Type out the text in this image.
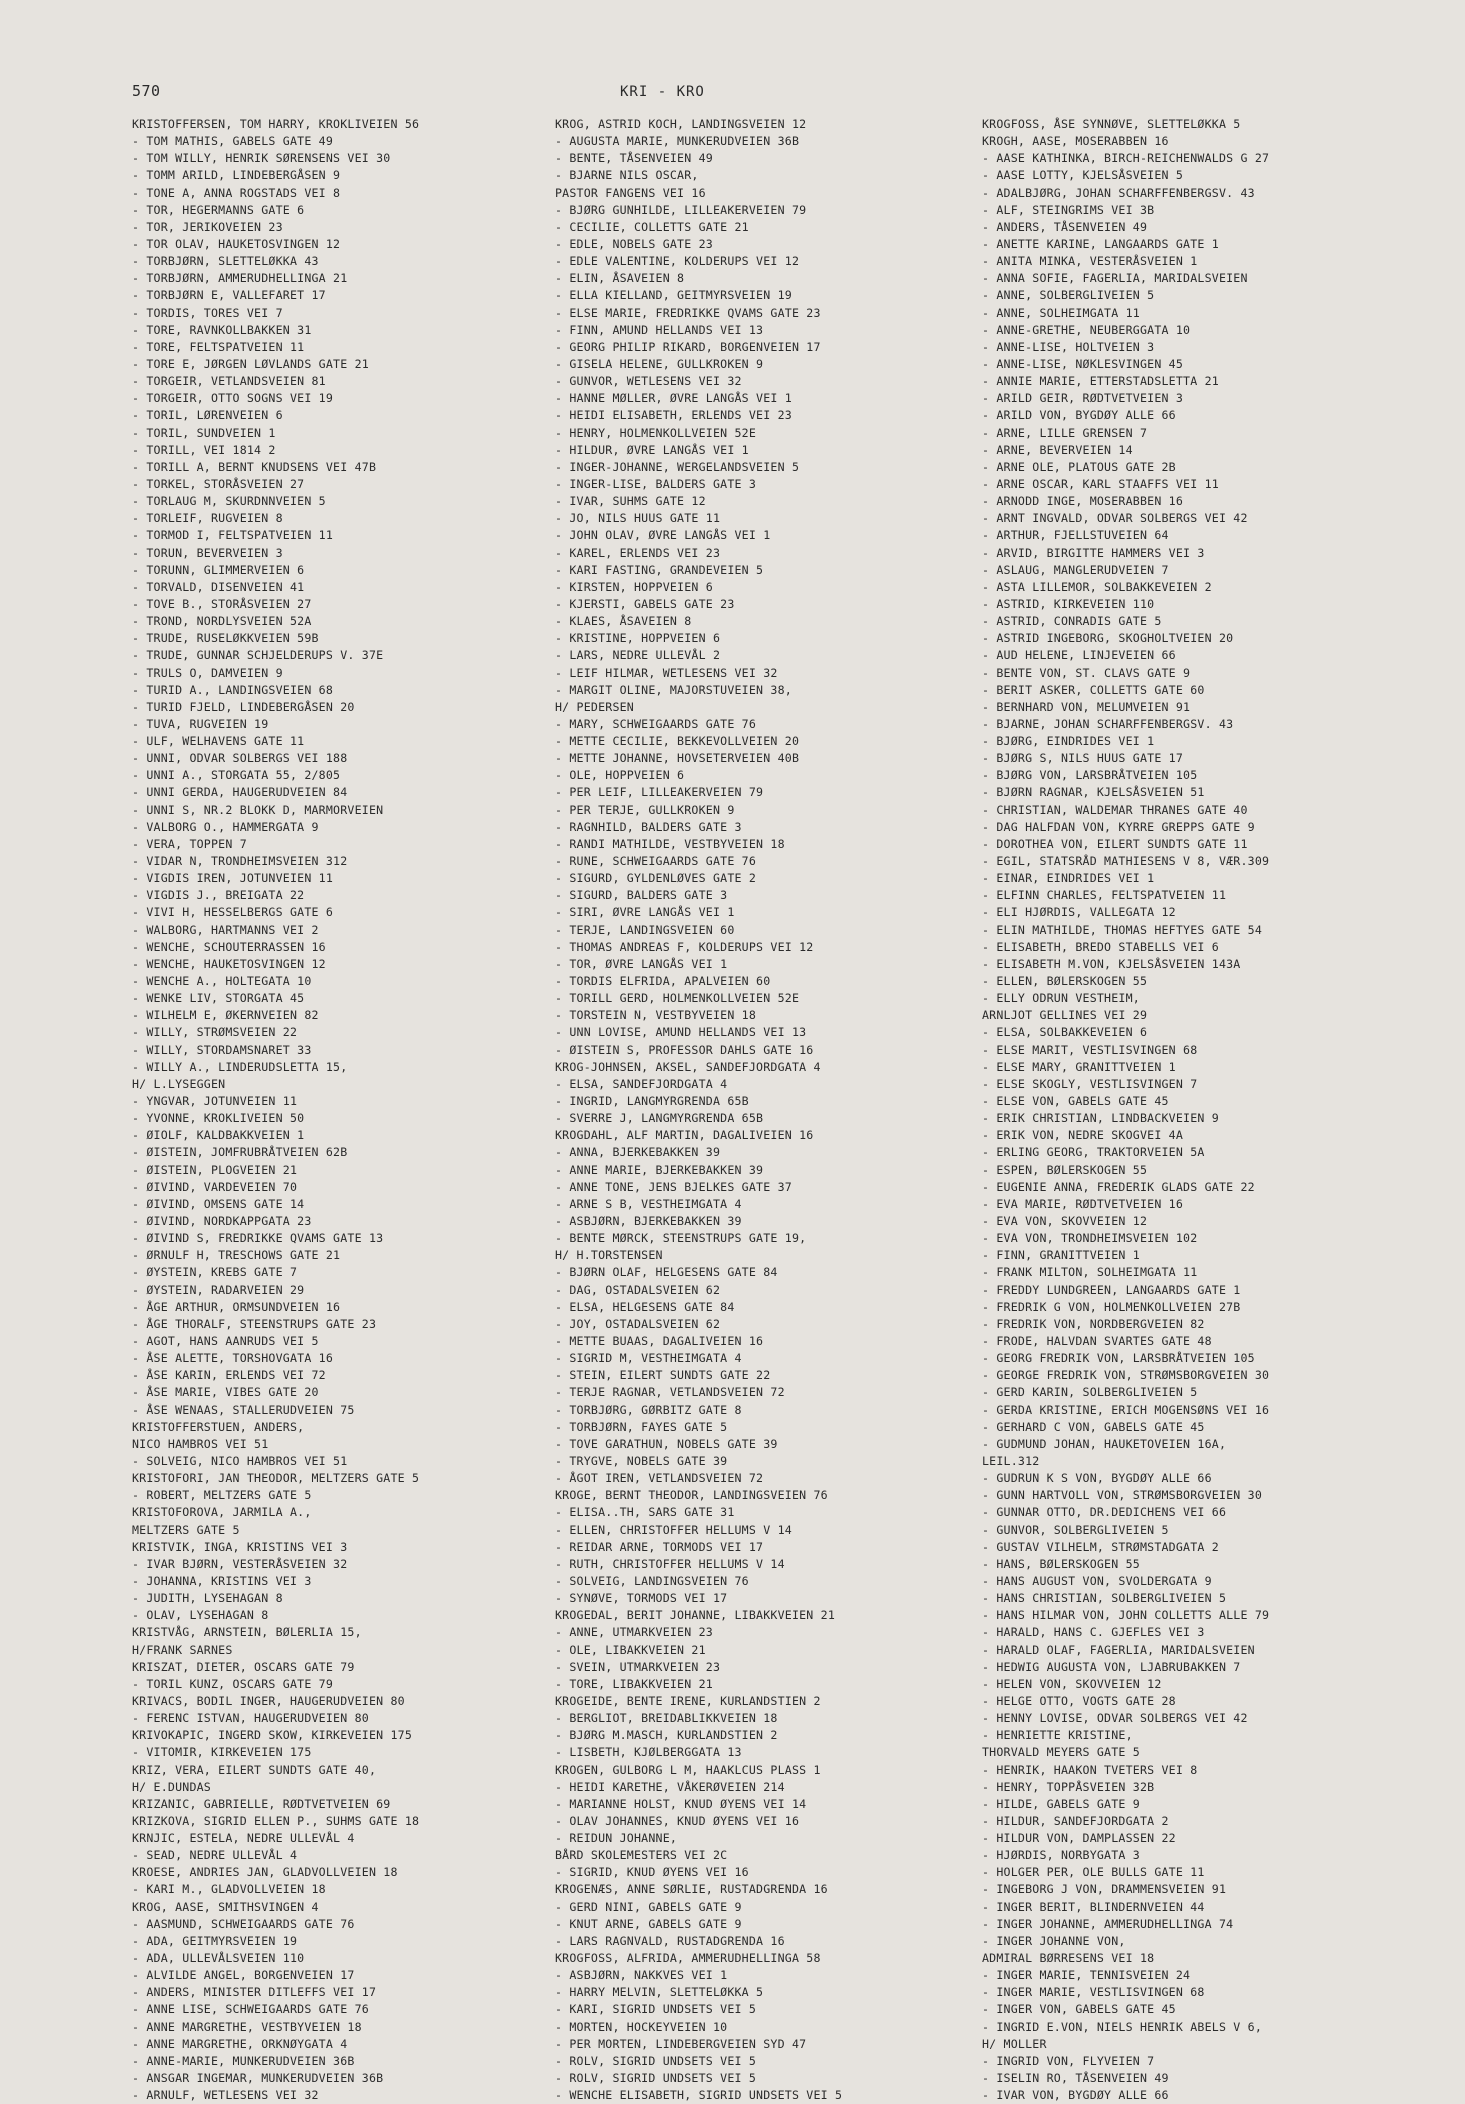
570	KRI - KRO
KRISTOFFERSEN, TOM HARRY, KROKLIVEIEN 56
- TOM MATHIS, GABELS GATE 49
- TOM WILLY, HENRIK SØRENSENS VEI 30
- TOMM ARILD, LINDEBERGÅSEN 9
- TONE A, ANNA ROGSTADS VEI 8
- TOR, HEGERMANNS GATE 6
- TOR, JERIKOVEIEN 23
- TOR OLAV, HAUKETOSVINGEN 12
- TORBJØRN, SLETTELØKKA 43
- TORBJØRN, AMMERUDHELLINGA 21
- TORBJØRN E, VALLEFARET 17
- TORDIS, TORES VEI 7
- TORE, RAVNKOLLBAKKEN 31
- TORE, FELTSPATVEIEN 11
- TORE E, JØRGEN LØVLANDS GATE 21
- TORGEIR, VETLANDSVEIEN 81
- TORGEIR, OTTO SOGNS VEI 19
- TORIL, LØRENVEIEN 6
- TORIL, SUNDVEIEN 1
- TORILL, VEI 1814 2
- TORILL A, BERNT KNUDSENS VEI 47B
- TORKEL, STORÅSVEIEN 27
- TORLAUG M, SKURDNNVEIEN 5
- TORLEIF, RUGVEIEN 8
- TORMOD I, FELTSPATVEIEN 11
- TORUN, BEVERVEIEN 3
- TORUNN, GLIMMERVEIEN 6
- TORVALD, DISENVEIEN 41
- TOVE B., STORÅSVEIEN 27
- TROND, NORDLYSVEIEN 52A
- TRUDE, RUSELØKKVEIEN 59B
- TRUDE, GUNNAR SCHJELDERUPS V. 37E
- TRULS O, DAMVEIEN 9
- TURID A., LANDINGSVEIEN 68
- TURID FJELD, LINDEBERGÅSEN 20
- TUVA, RUGVEIEN 19
- ULF, WELHAVENS GATE 11
- UNNI, ODVAR SOLBERGS VEI 188
- UNNI A., STORGATA 55, 2/805
- UNNI GERDA, HAUGERUDVEIEN 84
- UNNI S, NR.2 BLOKK D, MARMORVEIEN
- VALBORG O., HAMMERGATA 9
- VERA, TOPPEN 7
- VIDAR N, TRONDHEIMSVEIEN 312
- VIGDIS IREN, JOTUNVEIEN 11
- VIGDIS J., BREIGATA 22
- VIVI H, HESSELBERGS GATE 6
- WALBORG, HARTMANNS VEI 2
- WENCHE, SCHOUTERRASSEN 16
- WENCHE, HAUKETOSVINGEN 12
- WENCHE A., HOLTEGATA 10
- WENKE LIV, STORGATA 45
- WILHELM E, ØKERNVEIEN 82
- WILLY, STRØMSVEIEN 22
- WILLY, STORDAMSNARET 33
- WILLY A., LINDERUDSLETTA 15,
H/ L.LYSEGGEN
- YNGVAR, JOTUNVEIEN 11
- YVONNE, KROKLIVEIEN 50
- ØIOLF, KALDBAKKVEIEN 1
- ØISTEIN, JOMFRUBRÅTVEIEN 62B
- ØISTEIN, PLOGVEIEN 21
- ØIVIND, VARDEVEIEN 70
- ØIVIND, OMSENS GATE 14
- ØIVIND, NORDKAPPGATA 23
- ØIVIND S, FREDRIKKE QVAMS GATE 13
- ØRNULF H, TRESCHOWS GATE 21
- ØYSTEIN, KREBS GATE 7
- ØYSTEIN, RADARVEIEN 29
- ÅGE ARTHUR, ORMSUNDVEIEN 16
- ÅGE THORALF, STEENSTRUPS GATE 23
- AGOT, HANS AANRUDS VEI 5
- ÅSE ALETTE, TORSHOVGATA 16
- ÅSE KARIN, ERLENDS VEI 72
- ÅSE MARIE, VIBES GATE 20
- ÅSE WENAAS, STALLERUDVEIEN 75
KRISTOFFERSTUEN, ANDERS,
NICO HAMBROS VEI 51
- SOLVEIG, NICO HAMBROS VEI 51
KRISTOFORI, JAN THEODOR, MELTZERS GATE 5
- ROBERT, MELTZERS GATE 5
KRISTOFOROVA, JARMILA A.,
MELTZERS GATE 5
KRISTVIK, INGA, KRISTINS VEI 3
- IVAR BJØRN, VESTERÅSVEIEN 32
- JOHANNA, KRISTINS VEI 3
- JUDITH, LYSEHAGAN 8
- OLAV, LYSEHAGAN 8
KRISTVÅG, ARNSTEIN, BØLERLIA 15,
H/FRANK SARNES
KRISZAT, DIETER, OSCARS GATE 79
- TORIL KUNZ, OSCARS GATE 79
KRIVACS, BODIL INGER, HAUGERUDVEIEN 80
- FERENC ISTVAN, HAUGERUDVEIEN 80
KRIVOKAPIC, INGERD SKOW, KIRKEVEIEN 175
- VITOMIR, KIRKEVEIEN 175
KRIZ, VERA, EILERT SUNDTS GATE 40,
H/ E.DUNDAS
KRIZANIC, GABRIELLE, RØDTVETVEIEN 69
KRIZKOVA, SIGRID ELLEN P., SUHMS GATE 18
KRNJIC, ESTELA, NEDRE ULLEVÅL 4
- SEAD, NEDRE ULLEVÅL 4
KROESE, ANDRIES JAN, GLADVOLLVEIEN 18
- KARI M., GLADVOLLVEIEN 18
KROG, AASE, SMITHSVINGEN 4
- AASMUND, SCHWEIGAARDS GATE 76
- ADA, GEITMYRSVEIEN 19
- ADA, ULLEVÅLSVEIEN 110
- ALVILDE ANGEL, BORGENVEIEN 17
- ANDERS, MINISTER DITLEFFS VEI 17
- ANNE LISE, SCHWEIGAARDS GATE 76
- ANNE MARGRETHE, VESTBYVEIEN 18
- ANNE MARGRETHE, ORKNØYGATA 4
- ANNE-MARIE, MUNKERUDVEIEN 36B
- ANSGAR INGEMAR, MUNKERUDVEIEN 36B
- ARNULF, WETLESENS VEI 32
KROG, ASTRID KOCH, LANDINGSVEIEN 12
- AUGUSTA MARIE, MUNKERUDVEIEN 36B
- BENTE, TÅSENVEIEN 49
- BJARNE NILS OSCAR,
PASTOR FANGENS VEI 16
- BJØRG GUNHILDE, LILLEAKERVEIEN 79
- CECILIE, COLLETTS GATE 21
- EDLE, NOBELS GATE 23
- EDLE VALENTINE, KOLDERUPS VEI 12
- ELIN, ÅSAVEIEN 8
- ELLA KIELLAND, GEITMYRSVEIEN 19
- ELSE MARIE, FREDRIKKE QVAMS GATE 23
- FINN, AMUND HELLANDS VEI 13
- GEORG PHILIP RIKARD, BORGENVEIEN 17
- GISELA HELENE, GULLKROKEN 9
- GUNVOR, WETLESENS VEI 32
- HANNE MØLLER, ØVRE LANGÅS VEI 1
- HEIDI ELISABETH, ERLENDS VEI 23
- HENRY, HOLMENKOLLVEIEN 52E
- HILDUR, ØVRE LANGÅS VEI 1
- INGER-JOHANNE, WERGELANDSVEIEN 5
- INGER-LISE, BALDERS GATE 3
- IVAR, SUHMS GATE 12
- JO, NILS HUUS GATE 11
- JOHN OLAV, ØVRE LANGÅS VEI 1
- KAREL, ERLENDS VEI 23
- KARI FASTING, GRANDEVEIEN 5
- KIRSTEN, HOPPVEIEN 6
- KJERSTI, GABELS GATE 23
- KLAES, ÅSAVEIEN 8
- KRISTINE, HOPPVEIEN 6
- LARS, NEDRE ULLEVÅL 2
- LEIF HILMAR, WETLESENS VEI 32
- MARGIT OLINE, MAJORSTUVEIEN 38,
H/ PEDERSEN
- MARY, SCHWEIGAARDS GATE 76
- METTE CECILIE, BEKKEVOLLVEIEN 20
- METTE JOHANNE, HOVSETERVEIEN 40B
- OLE, HOPPVEIEN 6
- PER LEIF, LILLEAKERVEIEN 79
- PER TERJE, GULLKROKEN 9
- RAGNHILD, BALDERS GATE 3
- RANDI MATHILDE, VESTBYVEIEN 18
- RUNE, SCHWEIGAARDS GATE 76
- SIGURD, GYLDENLØVES GATE 2
- SIGURD, BALDERS GATE 3
- SIRI, ØVRE LANGÅS VEI 1
- TERJE, LANDINGSVEIEN 60
- THOMAS ANDREAS F, KOLDERUPS VEI 12
- TOR, ØVRE LANGÅS VEI 1
- TORDIS ELFRIDA, APALVEIEN 60
- TORILL GERD, HOLMENKOLLVEIEN 52E
- TORSTEIN N, VESTBYVEIEN 18
- UNN LOVISE, AMUND HELLANDS VEI 13
- ØISTEIN S, PROFESSOR DAHLS GATE 16
KROG-JOHNSEN, AKSEL, SANDEFJORDGATA 4
- ELSA, SANDEFJORDGATA 4
- INGRID, LANGMYRGRENDA 65B
- SVERRE J, LANGMYRGRENDA 65B
KROGDAHL, ALF MARTIN, DAGALIVEIEN 16
- ANNA, BJERKEBAKKEN 39
- ANNE MARIE, BJERKEBAKKEN 39
- ANNE TONE, JENS BJELKES GATE 37
- ARNE S B, VESTHEIMGATA 4
- ASBJØRN, BJERKEBAKKEN 39
- BENTE MØRCK, STEENSTRUPS GATE 19,
H/ H.TORSTENSEN
- BJØRN OLAF, HELGESENS GATE 84
- DAG, OSTADALSVEIEN 62
- ELSA, HELGESENS GATE 84
- JOY, OSTADALSVEIEN 62
- METTE BUAAS, DAGALIVEIEN 16
- SIGRID M, VESTHEIMGATA 4
- STEIN, EILERT SUNDTS GATE 22
- TERJE RAGNAR, VETLANDSVEIEN 72
- TORBJØRG, GØRBITZ GATE 8
- TORBJØRN, FAYES GATE 5
- TOVE GARATHUN, NOBELS GATE 39
- TRYGVE, NOBELS GATE 39
- ÅGOT IREN, VETLANDSVEIEN 72
KROGE, BERNT THEODOR, LANDINGSVEIEN 76
- ELISA..TH, SARS GATE 31
- ELLEN, CHRISTOFFER HELLUMS V 14
- REIDAR ARNE, TORMODS VEI 17
- RUTH, CHRISTOFFER HELLUMS V 14
- SOLVEIG, LANDINGSVEIEN 76
- SYNØVE, TORMODS VEI 17
KROGEDAL, BERIT JOHANNE, LIBAKKVEIEN 21
- ANNE, UTMARKVEIEN 23
- OLE, LIBAKKVEIEN 21
- SVEIN, UTMARKVEIEN 23
- TORE, LIBAKKVEIEN 21
KROGEIDE, BENTE IRENE, KURLANDSTIEN 2
- BERGLIOT, BREIDABLIKKVEIEN 18
- BJØRG M.MASCH, KURLANDSTIEN 2
- LISBETH, KJØLBERGGATA 13
KROGEN, GULBORG L M, HAAKLCUS PLASS 1
- HEIDI KARETHE, VÅKERØVEIEN 214
- MARIANNE HOLST, KNUD ØYENS VEI 14
- OLAV JOHANNES, KNUD ØYENS VEI 16
- REIDUN JOHANNE,
BÅRD SKOLEMESTERS VEI 2C
- SIGRID, KNUD ØYENS VEI 16
KROGENÆS, ANNE SØRLIE, RUSTADGRENDA 16
- GERD NINI, GABELS GATE 9
- KNUT ARNE, GABELS GATE 9
- LARS RAGNVALD, RUSTADGRENDA 16
KROGFOSS, ALFRIDA, AMMERUDHELLINGA 58
- ASBJØRN, NAKKVES VEI 1
- HARRY MELVIN, SLETTELØKKA 5
- KARI, SIGRID UNDSETS VEI 5
- MORTEN, HOCKEYVEIEN 10
- PER MORTEN, LINDEBERGVEIEN SYD 47
- ROLV, SIGRID UNDSETS VEI 5
- ROLV, SIGRID UNDSETS VEI 5
- WENCHE ELISABETH, SIGRID UNDSETS VEI 5
KROGFOSS, ÅSE SYNNØVE, SLETTELØKKA 5
KROGH, AASE, MOSERABBEN 16
- AASE KATHINKA, BIRCH-REICHENWALDS G 27
- AASE LOTTY, KJELSÅSVEIEN 5
- ADALBJØRG, JOHAN SCHARFFENBERGSV. 43
- ALF, STEINGRIMS VEI 3B
- ANDERS, TÅSENVEIEN 49
- ANETTE KARINE, LANGAARDS GATE 1
- ANITA MINKA, VESTERÅSVEIEN 1
- ANNA SOFIE, FAGERLIA, MARIDALSVEIEN
- ANNE, SOLBERGLIVEIEN 5
- ANNE, SOLHEIMGATA 11
- ANNE-GRETHE, NEUBERGGATA 10
- ANNE-LISE, HOLTVEIEN 3
- ANNE-LISE, NØKLESVINGEN 45
- ANNIE MARIE, ETTERSTADSLETTA 21
- ARILD GEIR, RØDTVETVEIEN 3
- ARILD VON, BYGDØY ALLE 66
- ARNE, LILLE GRENSEN 7
- ARNE, BEVERVEIEN 14
- ARNE OLE, PLATOUS GATE 2B
- ARNE OSCAR, KARL STAAFFS VEI 11
- ARNODD INGE, MOSERABBEN 16
- ARNT INGVALD, ODVAR SOLBERGS VEI 42
- ARTHUR, FJELLSTUVEIEN 64
- ARVID, BIRGITTE HAMMERS VEI 3
- ASLAUG, MANGLERUDVEIEN 7
- ASTA LILLEMOR, SOLBAKKEVEIEN 2
- ASTRID, KIRKEVEIEN 110
- ASTRID, CONRADIS GATE 5
- ASTRID INGEBORG, SKOGHOLTVEIEN 20
- AUD HELENE, LINJEVEIEN 66
- BENTE VON, ST. CLAVS GATE 9
- BERIT ASKER, COLLETTS GATE 60
- BERNHARD VON, MELUMVEIEN 91
- BJARNE, JOHAN SCHARFFENBERGSV. 43
- BJØRG, EINDRIDES VEI 1
- BJØRG S, NILS HUUS GATE 17
- BJØRG VON, LARSBRÅTVEIEN 105
- BJØRN RAGNAR, KJELSÅSVEIEN 51
- CHRISTIAN, WALDEMAR THRANES GATE 40
- DAG HALFDAN VON, KYRRE GREPPS GATE 9
- DOROTHEA VON, EILERT SUNDTS GATE 11
- EGIL, STATSRÅD MATHIESENS V 8, VÆR.309
- EINAR, EINDRIDES VEI 1
- ELFINN CHARLES, FELTSPATVEIEN 11
- ELI HJØRDIS, VALLEGATA 12
- ELIN MATHILDE, THOMAS HEFTYES GATE 54
- ELISABETH, BREDO STABELLS VEI 6
- ELISABETH M.VON, KJELSÅSVEIEN 143A
- ELLEN, BØLERSKOGEN 55
- ELLY ODRUN VESTHEIM,
ARNLJOT GELLINES VEI 29
- ELSA, SOLBAKKEVEIEN 6
- ELSE MARIT, VESTLISVINGEN 68
- ELSE MARY, GRANITTVEIEN 1
- ELSE SKOGLY, VESTLISVINGEN 7
- ELSE VON, GABELS GATE 45
- ERIK CHRISTIAN, LINDBACKVEIEN 9
- ERIK VON, NEDRE SKOGVEI 4A
- ERLING GEORG, TRAKTORVEIEN 5A
- ESPEN, BØLERSKOGEN 55
- EUGENIE ANNA, FREDERIK GLADS GATE 22
- EVA MARIE, RØDTVETVEIEN 16
- EVA VON, SKOVVEIEN 12
- EVA VON, TRONDHEIMSVEIEN 102
- FINN, GRANITTVEIEN 1
- FRANK MILTON, SOLHEIMGATA 11
- FREDDY LUNDGREEN, LANGAARDS GATE 1
- FREDRIK G VON, HOLMENKOLLVEIEN 27B
- FREDRIK VON, NORDBERGVEIEN 82
- FRODE, HALVDAN SVARTES GATE 48
- GEORG FREDRIK VON, LARSBRÅTVEIEN 105
- GEORGE FREDRIK VON, STRØMSBORGVEIEN 30
- GERD KARIN, SOLBERGLIVEIEN 5
- GERDA KRISTINE, ERICH MOGENSØNS VEI 16
- GERHARD C VON, GABELS GATE 45
- GUDMUND JOHAN, HAUKETOVEIEN 16A,
LEIL.312
- GUDRUN K S VON, BYGDØY ALLE 66
- GUNN HARTVOLL VON, STRØMSBORGVEIEN 30
- GUNNAR OTTO, DR.DEDICHENS VEI 66
- GUNVOR, SOLBERGLIVEIEN 5
- GUSTAV VILHELM, STRØMSTADGATA 2
- HANS, BØLERSKOGEN 55
- HANS AUGUST VON, SVOLDERGATA 9
- HANS CHRISTIAN, SOLBERGLIVEIEN 5
- HANS HILMAR VON, JOHN COLLETTS ALLE 79
- HARALD, HANS C. GJEFLES VEI 3
- HARALD OLAF, FAGERLIA, MARIDALSVEIEN
- HEDWIG AUGUSTA VON, LJABRUBAKKEN 7
- HELEN VON, SKOVVEIEN 12
- HELGE OTTO, VOGTS GATE 28
- HENNY LOVISE, ODVAR SOLBERGS VEI 42
- HENRIETTE KRISTINE,
THORVALD MEYERS GATE 5
- HENRIK, HAAKON TVETERS VEI 8
- HENRY, TOPPÅSVEIEN 32B
- HILDE, GABELS GATE 9
- HILDUR, SANDEFJORDGATA 2
- HILDUR VON, DAMPLASSEN 22
- HJØRDIS, NORBYGATA 3
- HOLGER PER, OLE BULLS GATE 11
- INGEBORG J VON, DRAMMENSVEIEN 91
- INGER BERIT, BLINDERNVEIEN 44
- INGER JOHANNE, AMMERUDHELLINGA 74
- INGER JOHANNE VON,
ADMIRAL BØRRESENS VEI 18
- INGER MARIE, TENNISVEIEN 24
- INGER MARIE, VESTLISVINGEN 68
- INGER VON, GABELS GATE 45
- INGRID E.VON, NIELS HENRIK ABELS V 6,
H/ MOLLER
- INGRID VON, FLYVEIEN 7
- ISELIN RO, TÅSENVEIEN 49
- IVAR VON, BYGDØY ALLE 66
